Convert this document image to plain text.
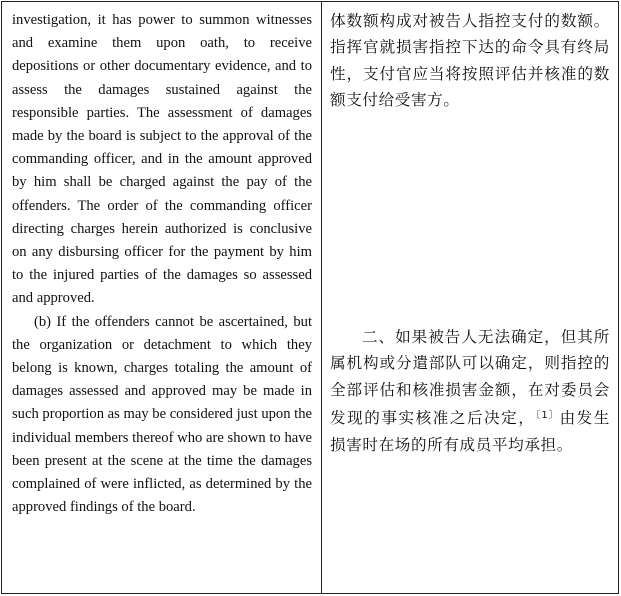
investigation, it has power to summon witnesses and examine them upon oath, to receive depositions or other documentary evidence, and to assess the damages sustained against the responsible parties. The assessment of damages made by the board is subject to the approval of the commanding officer, and in the amount approved by him shall be charged against the pay of the offenders. The order of the commanding officer directing charges herein authorized is conclusive on any disbursing officer for the payment by him to the injured parties of the damages so assessed and approved.

(b) If the offenders cannot be ascertained, but the organization or detachment to which they belong is known, charges totaling the amount of damages assessed and approved may be made in such proportion as may be considered just upon the individual members thereof who are shown to have been present at the scene at the time the damages complained of were inflicted, as determined by the approved findings of the board.

体数额构成对被告人指控支付的数额。指挥官就损害指控下达的命令具有终局性，支付官应当将按照评估并核准的数额支付给受害方。

二、如果被告人无法确定，但其所属机构或分遣部队可以确定，则指控的全部评估和核准损害金额，在对委员会发现的事实核准之后决定，$^{〔1〕}$由发生损害时在场的所有成员平均承担。
